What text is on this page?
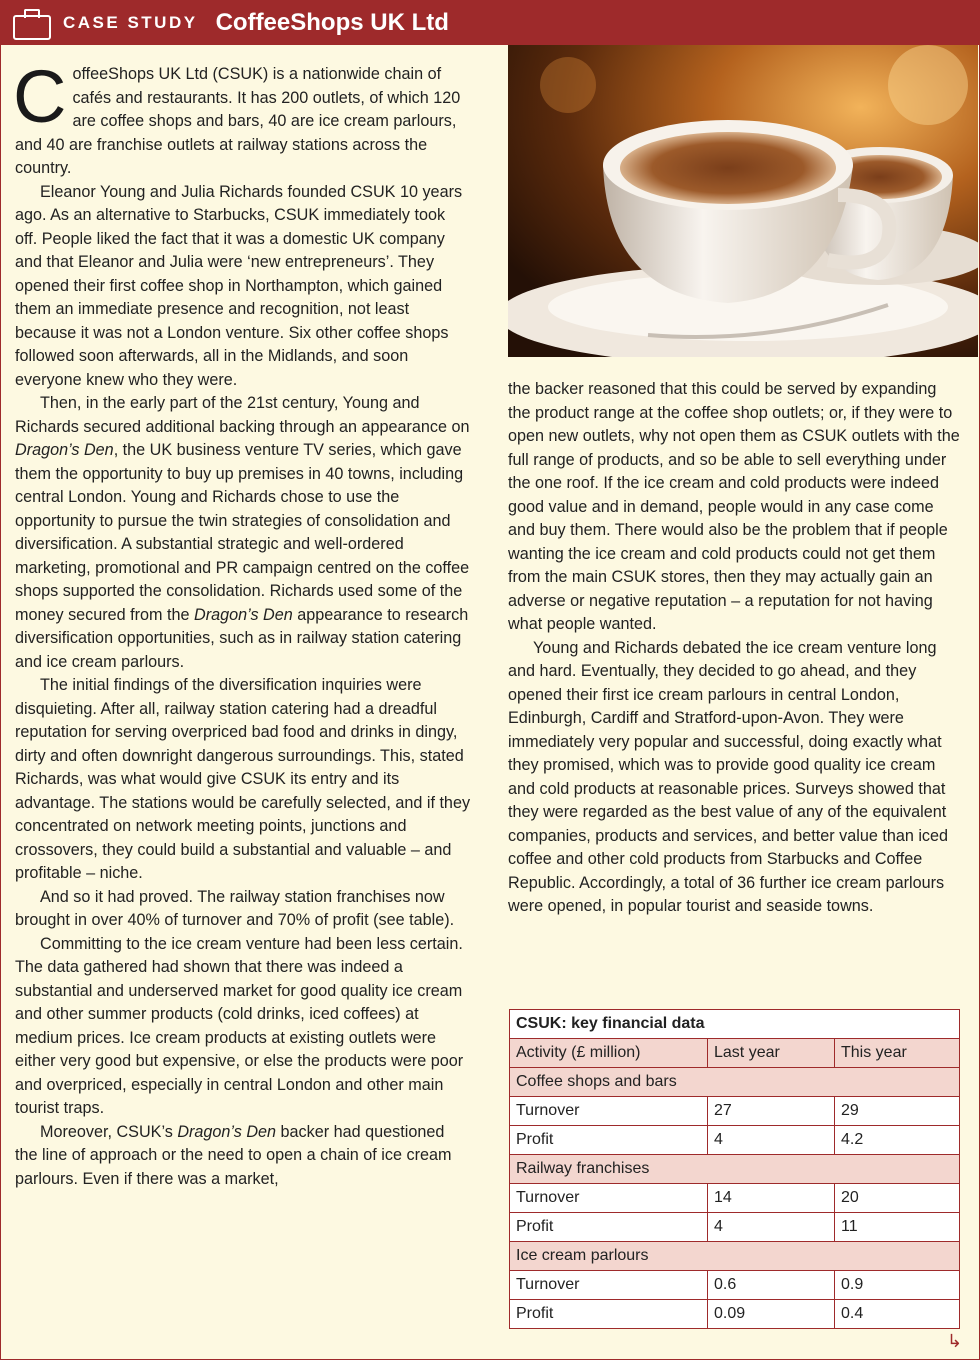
CASE STUDY CoffeeShops UK Ltd

CoffeeShops UK Ltd (CSUK) is a nationwide chain of cafés and restaurants. It has 200 outlets, of which 120 are coffee shops and bars, 40 are ice cream parlours, and 40 are franchise outlets at railway stations across the country.

Eleanor Young and Julia Richards founded CSUK 10 years ago. As an alternative to Starbucks, CSUK immediately took off. People liked the fact that it was a domestic UK company and that Eleanor and Julia were ‘new entrepreneurs’. They opened their first coffee shop in Northampton, which gained them an immediate presence and recognition, not least because it was not a London venture. Six other coffee shops followed soon afterwards, all in the Midlands, and soon everyone knew who they were.

Then, in the early part of the 21st century, Young and Richards secured additional backing through an appearance on Dragon’s Den, the UK business venture TV series, which gave them the opportunity to buy up premises in 40 towns, including central London. Young and Richards chose to use the opportunity to pursue the twin strategies of consolidation and diversification. A substantial strategic and well-ordered marketing, promotional and PR campaign centred on the coffee shops supported the consolidation. Richards used some of the money secured from the Dragon’s Den appearance to research diversification opportunities, such as in railway station catering and ice cream parlours.

The initial findings of the diversification inquiries were disquieting. After all, railway station catering had a dreadful reputation for serving overpriced bad food and drinks in dingy, dirty and often downright dangerous surroundings. This, stated Richards, was what would give CSUK its entry and its advantage. The stations would be carefully selected, and if they concentrated on network meeting points, junctions and crossovers, they could build a substantial and valuable – and profitable – niche.

And so it had proved. The railway station franchises now brought in over 40% of turnover and 70% of profit (see table).

Committing to the ice cream venture had been less certain. The data gathered had shown that there was indeed a substantial and underserved market for good quality ice cream and other summer products (cold drinks, iced coffees) at medium prices. Ice cream products at existing outlets were either very good but expensive, or else the products were poor and overpriced, especially in central London and other main tourist traps.

Moreover, CSUK’s Dragon’s Den backer had questioned the line of approach or the need to open a chain of ice cream parlours. Even if there was a market,

the backer reasoned that this could be served by expanding the product range at the coffee shop outlets; or, if they were to open new outlets, why not open them as CSUK outlets with the full range of products, and so be able to sell everything under the one roof. If the ice cream and cold products were indeed good value and in demand, people would in any case come and buy them. There would also be the problem that if people wanting the ice cream and cold products could not get them from the main CSUK stores, then they may actually gain an adverse or negative reputation – a reputation for not having what people wanted.

Young and Richards debated the ice cream venture long and hard. Eventually, they decided to go ahead, and they opened their first ice cream parlours in central London, Edinburgh, Cardiff and Stratford-upon-Avon. They were immediately very popular and successful, doing exactly what they promised, which was to provide good quality ice cream and cold products at reasonable prices. Surveys showed that they were regarded as the best value of any of the equivalent companies, products and services, and better value than iced coffee and other cold products from Starbucks and Coffee Republic. Accordingly, a total of 36 further ice cream parlours were opened, in popular tourist and seaside towns.

CSUK: key financial data		
Activity (£ million)	Last year	This year
Coffee shops and bars		
Turnover	27	29
Profit	4	4.2
Railway franchises		
Turnover	14	20
Profit	4	11
Ice cream parlours		
Turnover	0.6	0.9
Profit	0.09	0.4
↳
